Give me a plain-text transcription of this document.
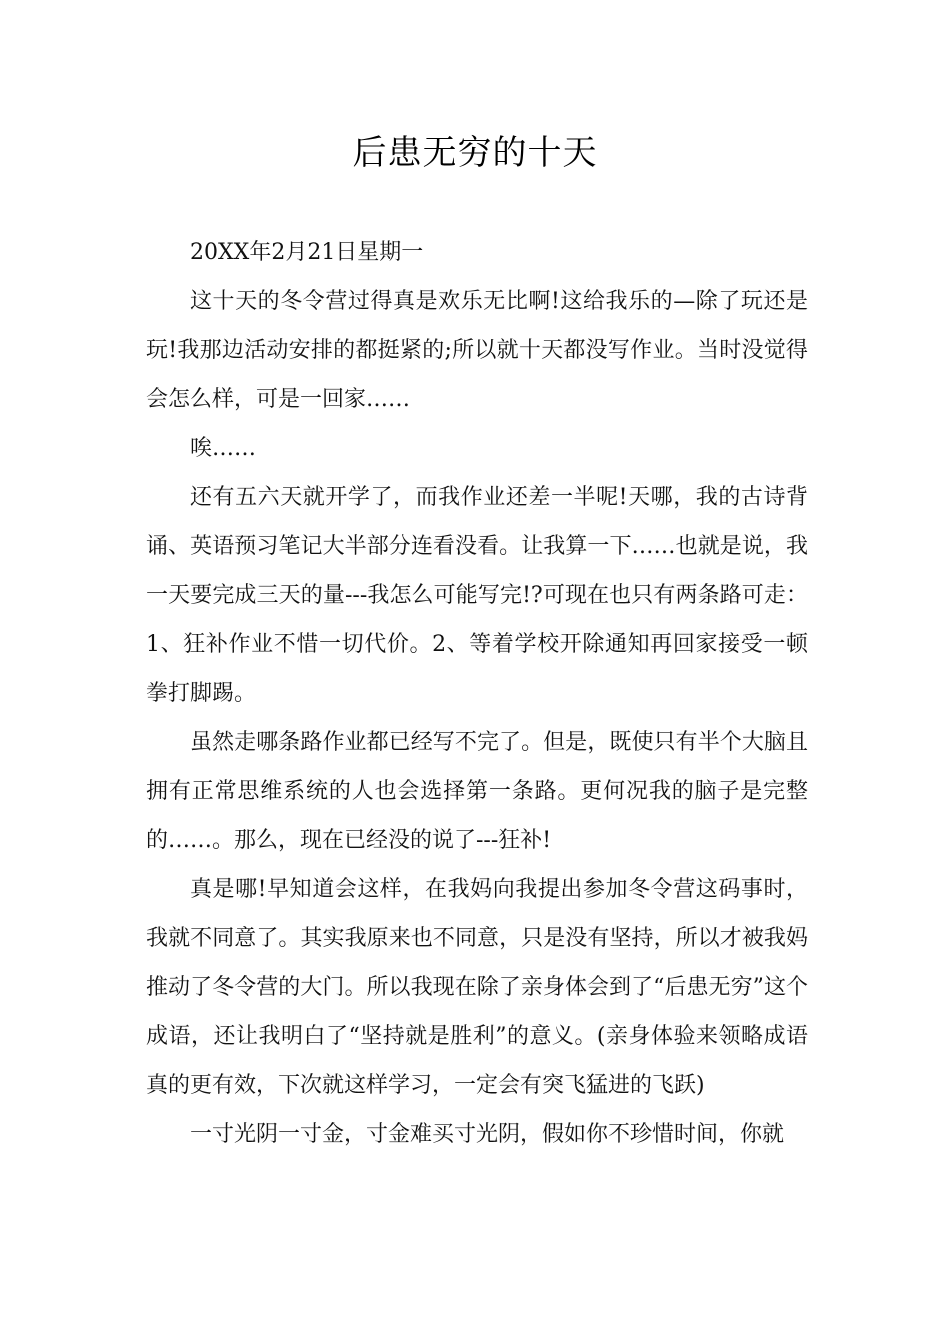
后患无穷的十天

20XX年2月21日星期一

这十天的冬令营过得真是欢乐无比啊!这给我乐的—除了玩还是玩!我那边活动安排的都挺紧的;所以就十天都没写作业。当时没觉得会怎么样，可是一回家……

唉……

还有五六天就开学了，而我作业还差一半呢!天哪，我的古诗背诵、英语预习笔记大半部分连看没看。让我算一下……也就是说，我一天要完成三天的量---我怎么可能写完!?可现在也只有两条路可走：1、狂补作业不惜一切代价。2、等着学校开除通知再回家接受一顿拳打脚踢。

虽然走哪条路作业都已经写不完了。但是，既使只有半个大脑且拥有正常思维系统的人也会选择第一条路。更何况我的脑子是完整的……。那么，现在已经没的说了---狂补!

真是哪!早知道会这样，在我妈向我提出参加冬令营这码事时，我就不同意了。其实我原来也不同意，只是没有坚持，所以才被我妈推动了冬令营的大门。所以我现在除了亲身体会到了“后患无穷”这个成语，还让我明白了“坚持就是胜利”的意义。(亲身体验来领略成语真的更有效，下次就这样学习，一定会有突飞猛进的飞跃)

一寸光阴一寸金，寸金难买寸光阴，假如你不珍惜时间，你就
